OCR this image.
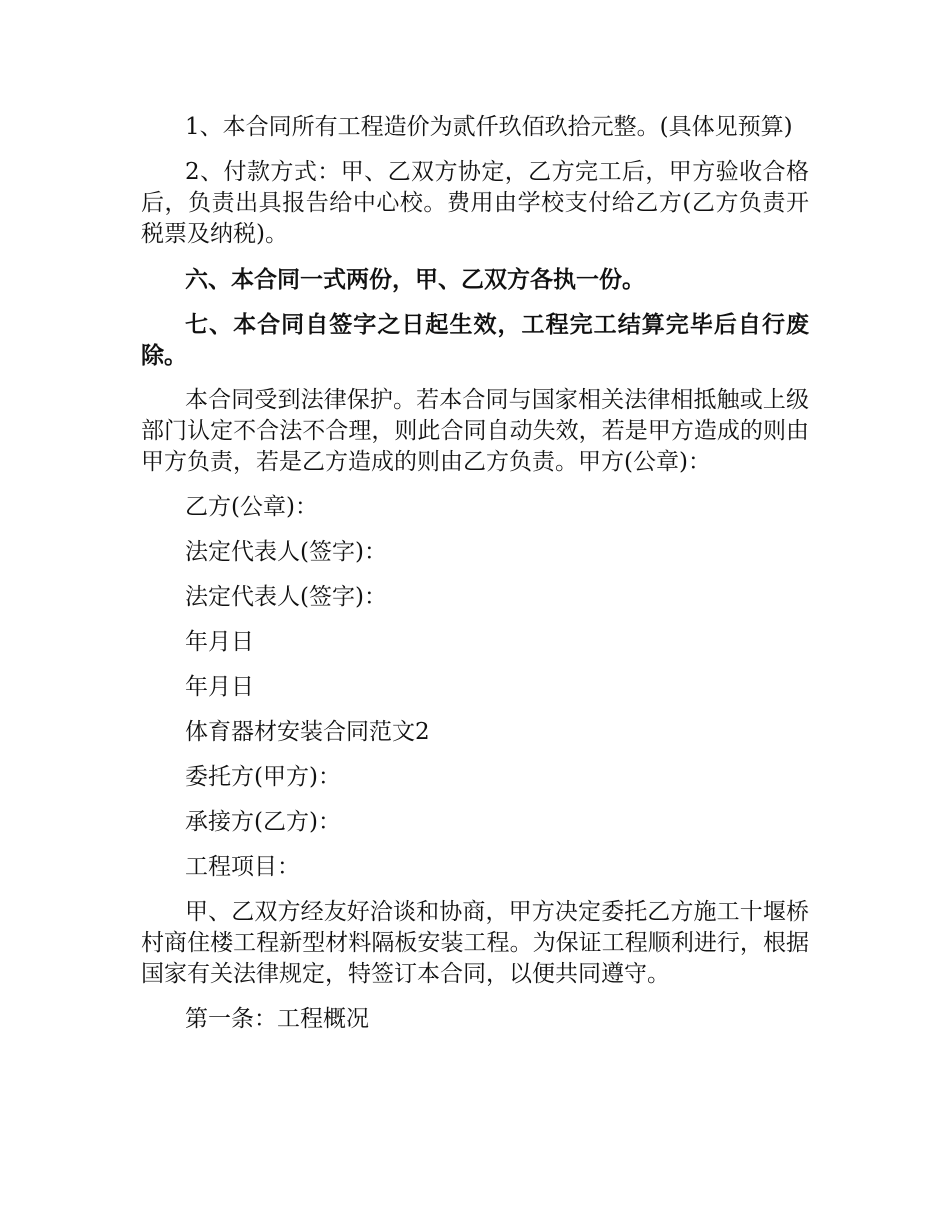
1、本合同所有工程造价为贰仟玖佰玖拾元整。(具体见预算)

2、付款方式：甲、乙双方协定，乙方完工后，甲方验收合格后，负责出具报告给中心校。费用由学校支付给乙方(乙方负责开税票及纳税)。

六、本合同一式两份，甲、乙双方各执一份。

七、本合同自签字之日起生效，工程完工结算完毕后自行废除。

本合同受到法律保护。若本合同与国家相关法律相抵触或上级部门认定不合法不合理，则此合同自动失效，若是甲方造成的则由甲方负责，若是乙方造成的则由乙方负责。甲方(公章)：

乙方(公章)：

法定代表人(签字)：

法定代表人(签字)：

年月日

年月日

体育器材安装合同范文2

委托方(甲方)：

承接方(乙方)：

工程项目：

甲、乙双方经友好洽谈和协商，甲方决定委托乙方施工十堰桥村商住楼工程新型材料隔板安装工程。为保证工程顺利进行，根据国家有关法律规定，特签订本合同，以便共同遵守。

第一条：工程概况
